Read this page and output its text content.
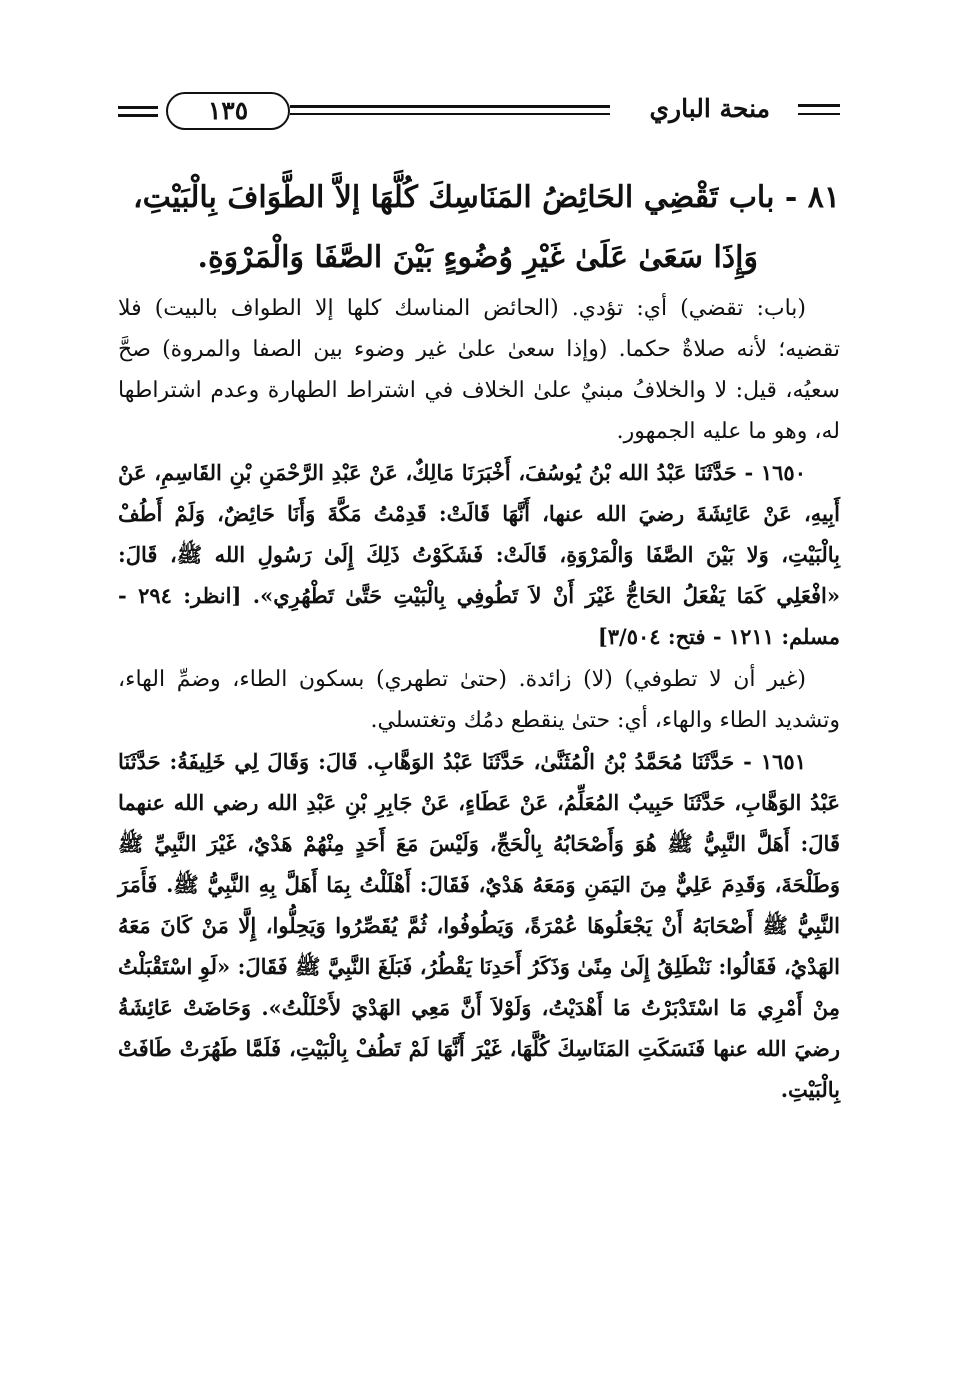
١٣٥	منحة الباري
٨١ - باب تَقْضِي الحَائِضُ المَنَاسِكَ كُلَّهَا إلاَّ الطَّوَافَ بِالْبَيْتِ،
وَإِذَا سَعَىٰ عَلَىٰ غَيْرِ وُضُوءٍ بَيْنَ الصَّفَا وَالْمَرْوَةِ.

(باب: تقضي) أي: تؤدي. (الحائض المناسك كلها إلا الطواف بالبيت) فلا تقضيه؛ لأنه صلاةٌ حكما. (وإذا سعىٰ علىٰ غير وضوء بين الصفا والمروة) صحَّ سعيُه، قيل: لا والخلافُ مبنيٌ علىٰ الخلاف في اشتراط الطهارة وعدم اشتراطها له، وهو ما عليه الجمهور.

١٦٥٠ - حَدَّثَنَا عَبْدُ الله بْنُ يُوسُفَ، أَخْبَرَنَا مَالِكٌ، عَنْ عَبْدِ الرَّحْمَنِ بْنِ القَاسِمِ، عَنْ أَبِيهِ، عَنْ عَائِشَةَ رضيَ الله عنها، أَنَّهَا قَالَتْ: قَدِمْتُ مَكَّةَ وَأَنَا حَائِضٌ، وَلَمْ أَطُفْ بِالْبَيْتِ، وَلا بَيْنَ الصَّفَا وَالْمَرْوَةِ، قَالَتْ: فَشَكَوْتُ ذَلِكَ إِلَىٰ رَسُولِ الله ﷺ، قَالَ: «افْعَلِي كَمَا يَفْعَلُ الحَاجُّ غَيْرَ أَنْ لاَ تَطُوفِي بِالْبَيْتِ حَتَّىٰ تَطْهُرِي». [انظر: ٢٩٤ - مسلم: ١٢١١ - فتح: ٣/٥٠٤]

(غير أن لا تطوفي) (لا) زائدة. (حتىٰ تطهري) بسكون الطاء، وضمِّ الهاء، وتشديد الطاء والهاء، أي: حتىٰ ينقطع دمُك وتغتسلي.

١٦٥١ - حَدَّثَنَا مُحَمَّدُ بْنُ الْمُثَنَّىٰ، حَدَّثَنَا عَبْدُ الوَهَّابِ. قَالَ: وَقَالَ لِي خَلِيفَةُ: حَدَّثَنَا عَبْدُ الوَهَّابِ، حَدَّثَنَا حَبِيبٌ المُعَلِّمُ، عَنْ عَطَاءٍ، عَنْ جَابِرِ بْنِ عَبْدِ الله رضي الله عنهما قَالَ: أَهَلَّ النَّبِيُّ ﷺ هُوَ وَأَصْحَابُهُ بِالْحَجِّ، وَلَيْسَ مَعَ أَحَدٍ مِنْهُمْ هَدْيٌ، غَيْرَ النَّبِيِّ ﷺ وَطَلْحَةَ، وَقَدِمَ عَلِيٌّ مِنَ اليَمَنِ وَمَعَهُ هَدْيٌ، فَقَالَ: أَهْلَلْتُ بِمَا أَهَلَّ بِهِ النَّبِيُّ ﷺ. فَأَمَرَ النَّبِيُّ ﷺ أَصْحَابَهُ أَنْ يَجْعَلُوهَا عُمْرَةً، وَيَطُوفُوا، ثُمَّ يُقَصِّرُوا وَيَحِلُّوا، إِلَّا مَنْ كَانَ مَعَهُ الهَدْيُ، فَقَالُوا: نَنْطَلِقُ إِلَىٰ مِنًىٰ وَذَكَرُ أَحَدِنَا يَقْطُرُ، فَبَلَغَ النَّبِيَّ ﷺ فَقَالَ: «لَوِ اسْتَقْبَلْتُ مِنْ أَمْرِي مَا اسْتَدْبَرْتُ مَا أَهْدَيْتُ، وَلَوْلاَ أَنَّ مَعِي الهَدْيَ لأَحْلَلْتُ». وَحَاضَتْ عَائِشَةُ رضيَ الله عنها فَنَسَكَتِ المَنَاسِكَ كُلَّهَا، غَيْرَ أَنَّهَا لَمْ تَطُفْ بِالْبَيْتِ، فَلَمَّا طَهُرَتْ طَافَتْ بِالْبَيْتِ.
